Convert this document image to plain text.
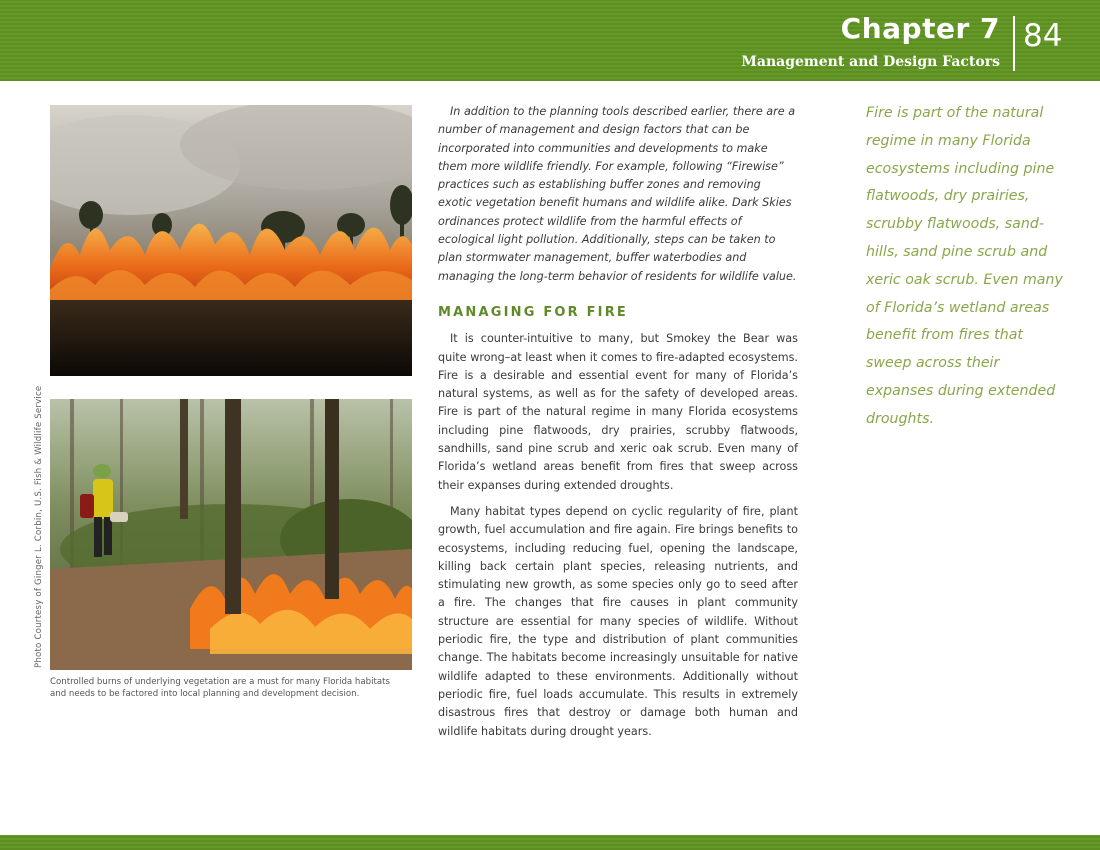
Chapter 7
Management and Design Factors
84
Photo Courtesy of Ginger L. Corbin, U.S. Fish & Wildlife Service
Controlled burns of underlying vegetation are a must for many Florida habitats and needs to be factored into local planning and development decision.

In addition to the planning tools described earlier, there are a number of management and design factors that can be incorporated into communities and developments to make them more wildlife friendly. For example, following “Firewise” practices such as establishing buffer zones and removing exotic vegetation benefit humans and wildlife alike. Dark Skies ordinances protect wildlife from the harmful effects of ecological light pollution. Additionally, steps can be taken to plan stormwater management, buffer waterbodies and managing the long-term behavior of residents for wildlife value.

MANAGING FOR FIRE

It is counter-intuitive to many, but Smokey the Bear was quite wrong–at least when it comes to fire-adapted ecosystems. Fire is a desirable and essential event for many of Florida’s natural systems, as well as for the safety of developed areas. Fire is part of the natural regime in many Florida ecosystems including pine flatwoods, dry prairies, scrubby flatwoods, sandhills, sand pine scrub and xeric oak scrub. Even many of Florida’s wetland areas benefit from fires that sweep across their expanses during extended droughts.

Many habitat types depend on cyclic regularity of fire, plant growth, fuel accumulation and fire again. Fire brings benefits to ecosystems, including reducing fuel, opening the landscape, killing back certain plant species, releasing nutrients, and stimulating new growth, as some species only go to seed after a fire. The changes that fire causes in plant community structure are essential for many species of wildlife. Without periodic fire, the type and distribution of plant communities change. The habitats become increasingly unsuitable for native wildlife adapted to these environments. Additionally without periodic fire, fuel loads accumulate. This results in extremely disastrous fires that destroy or damage both human and wildlife habitats during drought years.

Fire is part of the natural regime in many Florida ecosystems including pine flatwoods, dry prairies, scrubby flatwoods, sand-hills, sand pine scrub and xeric oak scrub. Even many of Florida’s wetland areas benefit from fires that sweep across their expanses during extended droughts.
